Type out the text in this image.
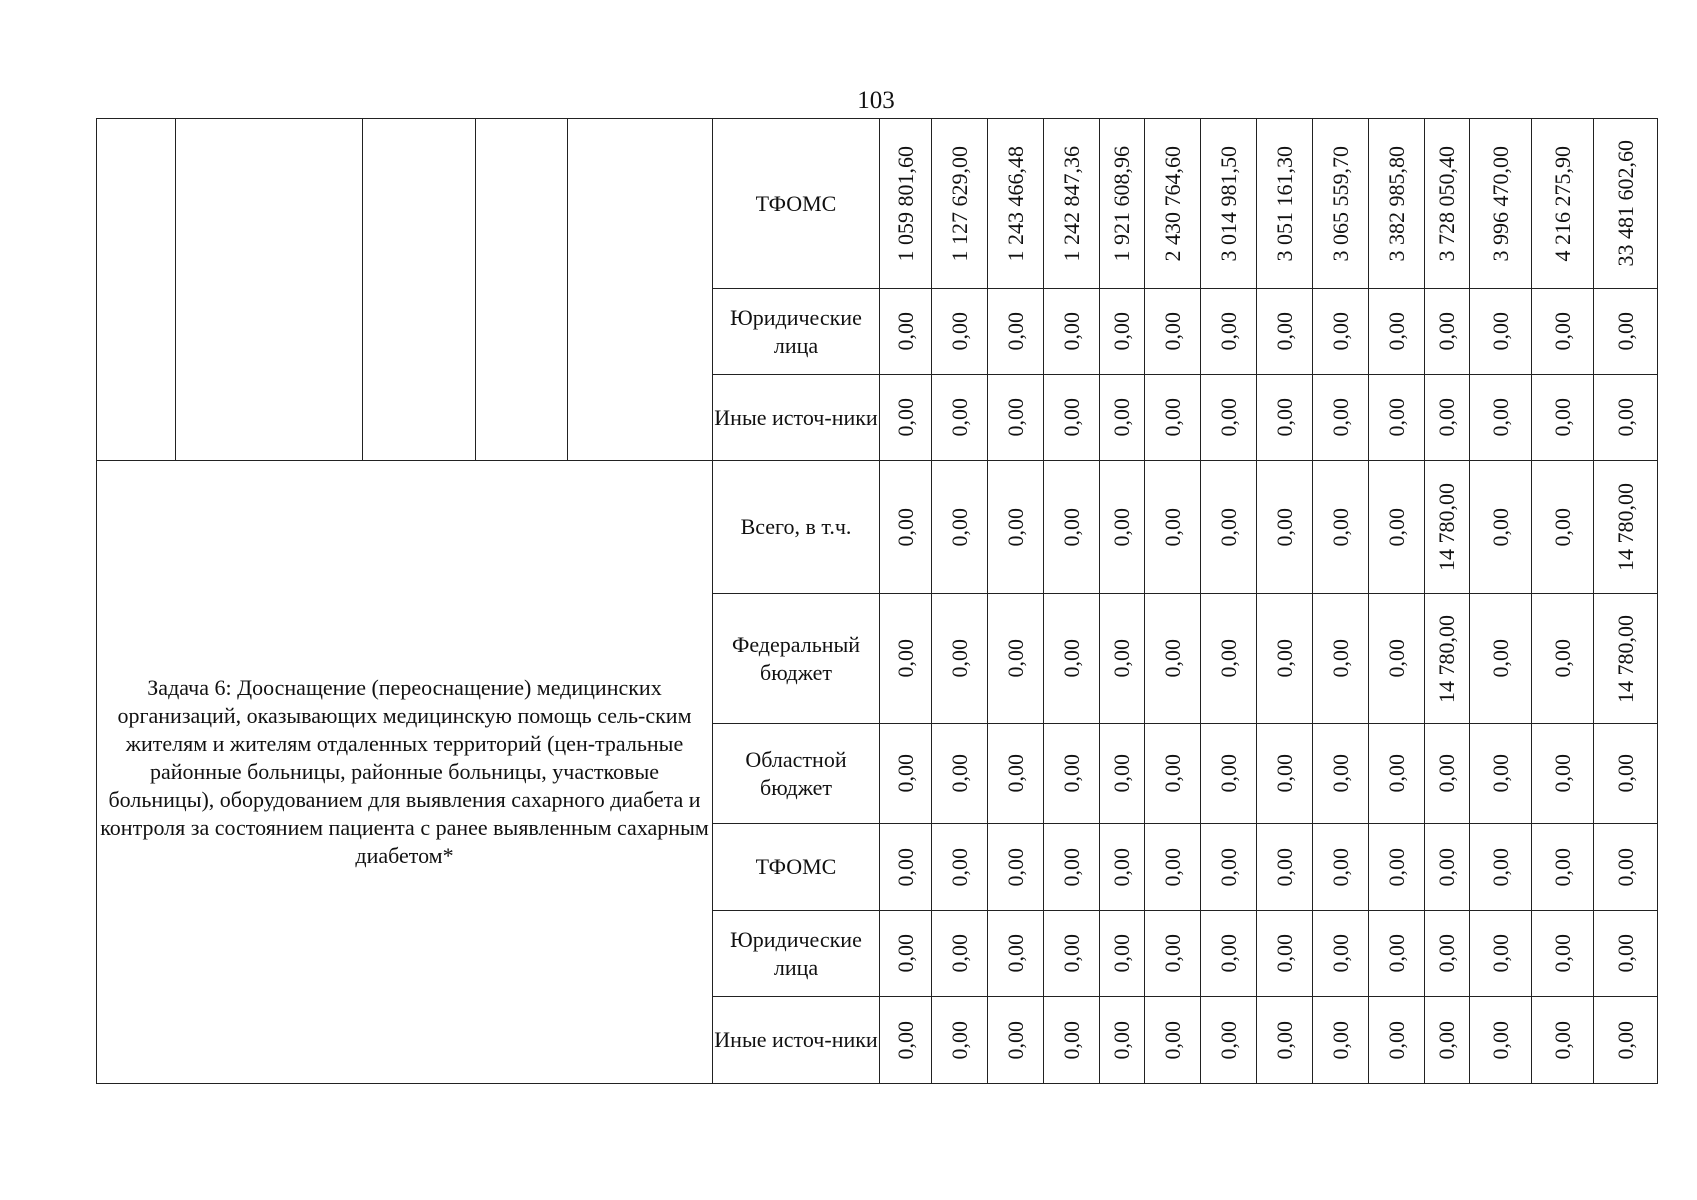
103
					ТФОМС	1 059 801,60	1 127 629,00	1 243 466,48	1 242 847,36	1 921 608,96	2 430 764,60	3 014 981,50	3 051 161,30	3 065 559,70	3 382 985,80	3 728 050,40	3 996 470,00	4 216 275,90	33 481 602,60

					Юридические лица	0,00	0,00	0,00	0,00	0,00	0,00	0,00	0,00	0,00	0,00	0,00	0,00	0,00	0,00

					Иные источ-ники	0,00	0,00	0,00	0,00	0,00	0,00	0,00	0,00	0,00	0,00	0,00	0,00	0,00	0,00

Задача 6: Дооснащение (переоснащение) медицинских организаций, оказывающих медицинскую помощь сель-ским жителям и жителям отдаленных территорий (цен-тральные районные больницы, районные больницы, участковые больницы), оборудованием для выявления сахарного диабета и контроля за состоянием пациента с ранее выявленным сахарным диабетом*					Всего, в т.ч.	0,00	0,00	0,00	0,00	0,00	0,00	0,00	0,00	0,00	0,00	14 780,00	0,00	0,00	14 780,00

					Федеральный бюджет	0,00	0,00	0,00	0,00	0,00	0,00	0,00	0,00	0,00	0,00	14 780,00	0,00	0,00	14 780,00

					Областной бюджет	0,00	0,00	0,00	0,00	0,00	0,00	0,00	0,00	0,00	0,00	0,00	0,00	0,00	0,00

					ТФОМС	0,00	0,00	0,00	0,00	0,00	0,00	0,00	0,00	0,00	0,00	0,00	0,00	0,00	0,00

					Юридические лица	0,00	0,00	0,00	0,00	0,00	0,00	0,00	0,00	0,00	0,00	0,00	0,00	0,00	0,00

					Иные источ-ники	0,00	0,00	0,00	0,00	0,00	0,00	0,00	0,00	0,00	0,00	0,00	0,00	0,00	0,00
